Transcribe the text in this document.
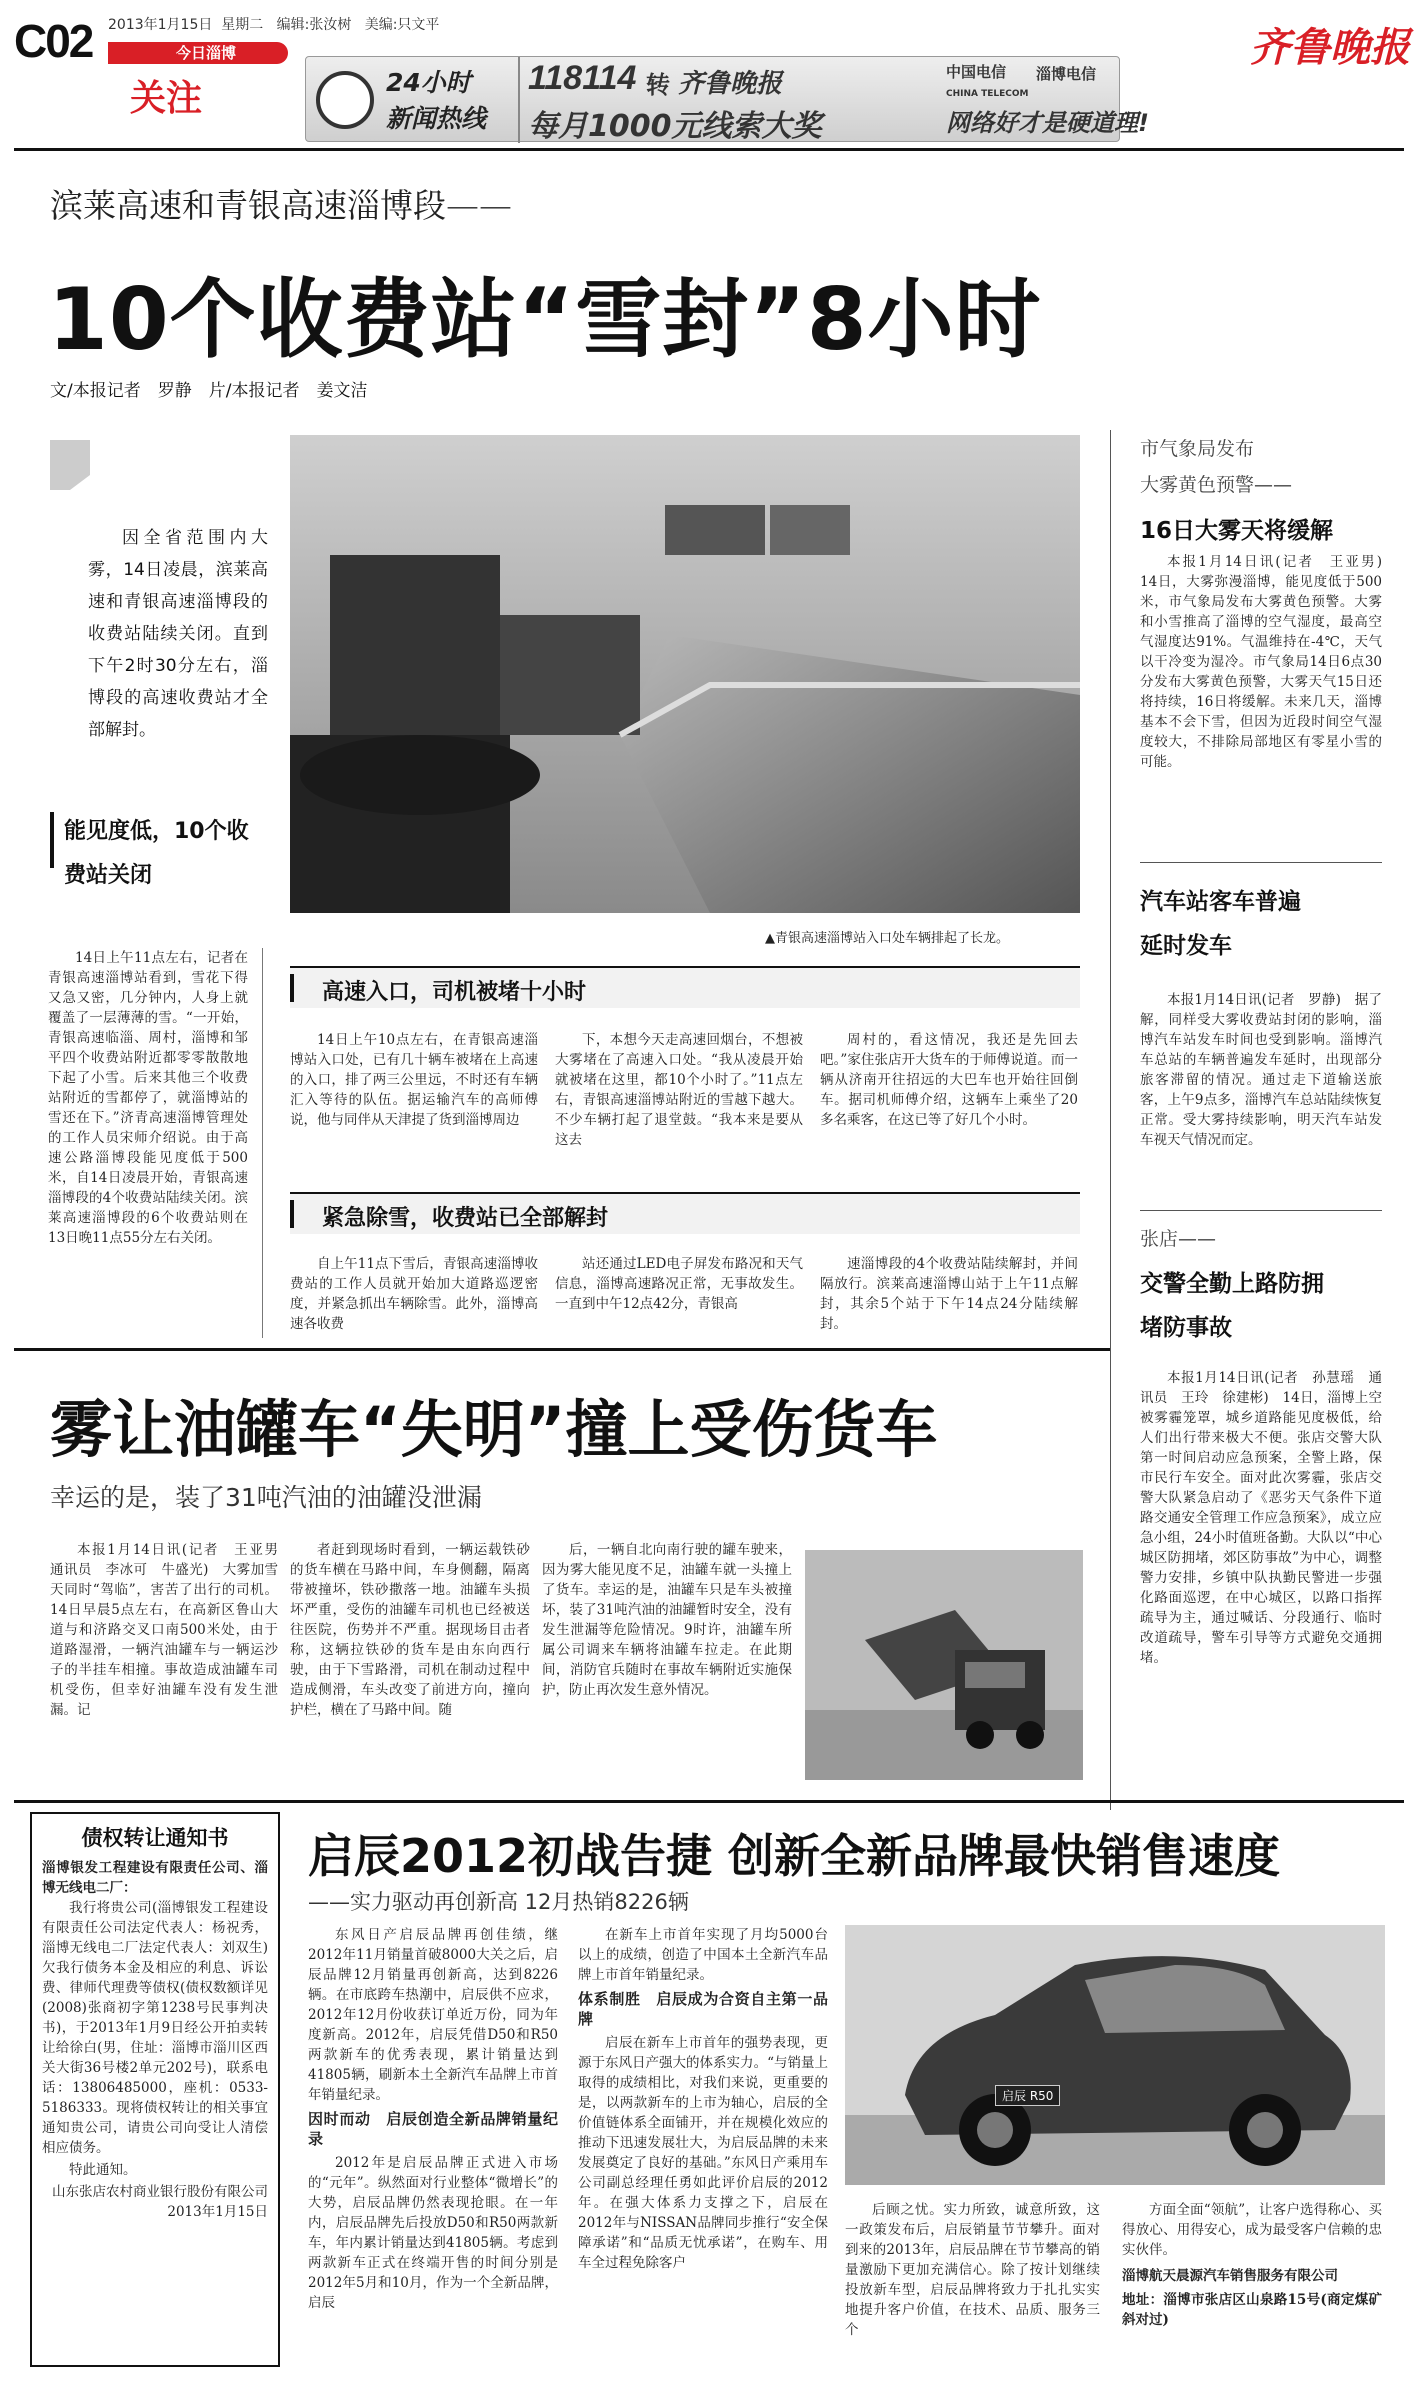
C02 2013年1月15日 星期二 编辑:张汝树 美编:只文平
今日淄博
关注	24小时
新闻热线
118114 转 齐鲁晚报
每月1000元线索大奖
中国电信
CHINA TELECOM
淄博电信
网络好才是硬道理!
齐鲁晚报
滨莱高速和青银高速淄博段——
10个收费站“雪封”8小时
文/本报记者　罗静　片/本报记者　姜文洁
因全省范围内大雾，14日凌晨，滨莱高速和青银高速淄博段的收费站陆续关闭。直到下午2时30分左右，淄博段的高速收费站才全部解封。
能见度低，10个收费站关闭
▲青银高速淄博站入口处车辆排起了长龙。

14日上午11点左右，记者在青银高速淄博站看到，雪花下得又急又密，几分钟内，人身上就覆盖了一层薄薄的雪。“一开始，青银高速临淄、周村，淄博和邹平四个收费站附近都零零散散地下起了小雪。后来其他三个收费站附近的雪都停了，就淄博站的雪还在下。”济青高速淄博管理处的工作人员宋师介绍说。由于高速公路淄博段能见度低于500米，自14日凌晨开始，青银高速淄博段的4个收费站陆续关闭。滨莱高速淄博段的6个收费站则在13日晚11点55分左右关闭。

高速入口，司机被堵十小时

14日上午10点左右，在青银高速淄博站入口处，已有几十辆车被堵在上高速的入口，排了两三公里远，不时还有车辆汇入等待的队伍。据运输汽车的高师傅说，他与同伴从天津提了货到淄博周边

下，本想今天走高速回烟台，不想被大雾堵在了高速入口处。“我从凌晨开始就被堵在这里，都10个小时了。”11点左右，青银高速淄博站附近的雪越下越大。不少车辆打起了退堂鼓。“我本来是要从这去

周村的，看这情况，我还是先回去吧。”家住张店开大货车的于师傅说道。而一辆从济南开往招远的大巴车也开始往回倒车。据司机师傅介绍，这辆车上乘坐了20多名乘客，在这已等了好几个小时。

紧急除雪，收费站已全部解封

自上午11点下雪后，青银高速淄博收费站的工作人员就开始加大道路巡逻密度，并紧急抓出车辆除雪。此外，淄博高速各收费

站还通过LED电子屏发布路况和天气信息，淄博高速路况正常，无事故发生。一直到中午12点42分，青银高

速淄博段的4个收费站陆续解封，并间隔放行。滨莱高速淄博山站于上午11点解封，其余5个站于下午14点24分陆续解封。

市气象局发布
大雾黄色预警——
16日大雾天将缓解

本报1月14日讯(记者　王亚男)　14日，大雾弥漫淄博，能见度低于500米，市气象局发布大雾黄色预警。大雾和小雪推高了淄博的空气湿度，最高空气湿度达91%。气温维持在-4℃，天气以干冷变为湿冷。市气象局14日6点30分发布大雾黄色预警，大雾天气15日还将持续，16日将缓解。未来几天，淄博基本不会下雪，但因为近段时间空气湿度较大，不排除局部地区有零星小雪的可能。

汽车站客车普遍延时发车

本报1月14日讯(记者　罗静)　据了解，同样受大雾收费站封闭的影响，淄博汽车站发车时间也受到影响。淄博汽车总站的车辆普遍发车延时，出现部分旅客滞留的情况。通过走下道输送旅客，上午9点多，淄博汽车总站陆续恢复正常。受大雾持续影响，明天汽车站发车视天气情况而定。

张店——
交警全勤上路防拥堵防事故

本报1月14日讯(记者　孙慧瑶　通讯员　王玲　徐建彬)　14日，淄博上空被雾霾笼罩，城乡道路能见度极低，给人们出行带来极大不便。张店交警大队第一时间启动应急预案，全警上路，保市民行车安全。面对此次雾霾，张店交警大队紧急启动了《恶劣天气条件下道路交通安全管理工作应急预案》，成立应急小组，24小时值班备勤。大队以“中心城区防拥堵，郊区防事故”为中心，调整警力安排，乡镇中队执勤民警进一步强化路面巡逻，在中心城区，以路口指挥疏导为主，通过喊话、分段通行、临时改道疏导，警车引导等方式避免交通拥堵。

雾让油罐车“失明”撞上受伤货车
幸运的是，装了31吨汽油的油罐没泄漏

本报1月14日讯(记者　王亚男　通讯员　李冰可　牛盛光)　大雾加雪天同时“驾临”，害苦了出行的司机。14日早晨5点左右，在高新区鲁山大道与和济路交叉口南500米处，由于道路湿滑，一辆汽油罐车与一辆运沙子的半挂车相撞。事故造成油罐车司机受伤，但幸好油罐车没有发生泄漏。记

者赶到现场时看到，一辆运载铁砂的货车横在马路中间，车身侧翻，隔离带被撞坏，铁砂撒落一地。油罐车头损坏严重，受伤的油罐车司机也已经被送往医院，伤势并不严重。据现场目击者称，这辆拉铁砂的货车是由东向西行驶，由于下雪路滑，司机在制动过程中造成侧滑，车头改变了前进方向，撞向护栏，横在了马路中间。随

后，一辆自北向南行驶的罐车驶来，因为雾大能见度不足，油罐车就一头撞上了货车。幸运的是，油罐车只是车头被撞坏，装了31吨汽油的油罐暂时安全，没有发生泄漏等危险情况。9时许，油罐车所属公司调来车辆将油罐车拉走。在此期间，消防官兵随时在事故车辆附近实施保护，防止再次发生意外情况。

债权转让通知书
淄博银发工程建设有限责任公司、淄博无线电二厂：

我行将贵公司(淄博银发工程建设有限责任公司法定代表人：杨祝秀，淄博无线电二厂法定代表人：刘双生)欠我行债务本金及相应的利息、诉讼费、律师代理费等债权(债权数额详见(2008)张商初字第1238号民事判决书)，于2013年1月9日经公开拍卖转让给徐白(男，住址：淄博市淄川区西关大街36号楼2单元202号)，联系电话：13806485000，座机：0533-5186333。现将债权转让的相关事宜通知贵公司，请贵公司向受让人清偿相应债务。

特此通知。

山东张店农村商业银行股份有限公司
2013年1月15日
启辰2012初战告捷 创新全新品牌最快销售速度
——实力驱动再创新高 12月热销8226辆

东风日产启辰品牌再创佳绩，继2012年11月销量首破8000大关之后，启辰品牌12月销量再创新高，达到8226辆。在市底跨车热潮中，启辰供不应求，2012年12月份收获订单近万份，同为年度新高。2012年，启辰凭借D50和R50两款新车的优秀表现，累计销量达到41805辆，刷新本土全新汽车品牌上市首年销量纪录。

因时而动　启辰创造全新品牌销量纪录

2012年是启辰品牌正式进入市场的“元年”。纵然面对行业整体“微增长”的大势，启辰品牌仍然表现抢眼。在一年内，启辰品牌先后投放D50和R50两款新车，年内累计销量达到41805辆。考虑到两款新车正式在终端开售的时间分别是2012年5月和10月，作为一个全新品牌，启辰

在新车上市首年实现了月均5000台以上的成绩，创造了中国本土全新汽车品牌上市首年销量纪录。

体系制胜　启辰成为合资自主第一品牌

启辰在新车上市首年的强势表现，更源于东风日产强大的体系实力。“与销量上取得的成绩相比，对我们来说，更重要的是，以两款新车的上市为轴心，启辰的全价值链体系全面铺开，并在规模化效应的推动下迅速发展壮大，为启辰品牌的未来发展奠定了良好的基础。”东风日产乘用车公司副总经理任勇如此评价启辰的2012年。在强大体系力支撑之下，启辰在2012年与NISSAN品牌同步推行“安全保障承诺”和“品质无忧承诺”，在购车、用车全过程免除客户

启辰 R50

后顾之忧。实力所致，诚意所致，这一政策发布后，启辰销量节节攀升。面对到来的2013年，启辰品牌在节节攀高的销量激励下更加充满信心。除了按计划继续投放新车型，启辰品牌将致力于扎扎实实地提升客户价值，在技术、品质、服务三个

方面全面“领航”，让客户选得称心、买得放心、用得安心，成为最受客户信赖的忠实伙伴。

淄博航天晨源汽车销售服务有限公司
地址：淄博市张店区山泉路15号(商定煤矿斜对过)
